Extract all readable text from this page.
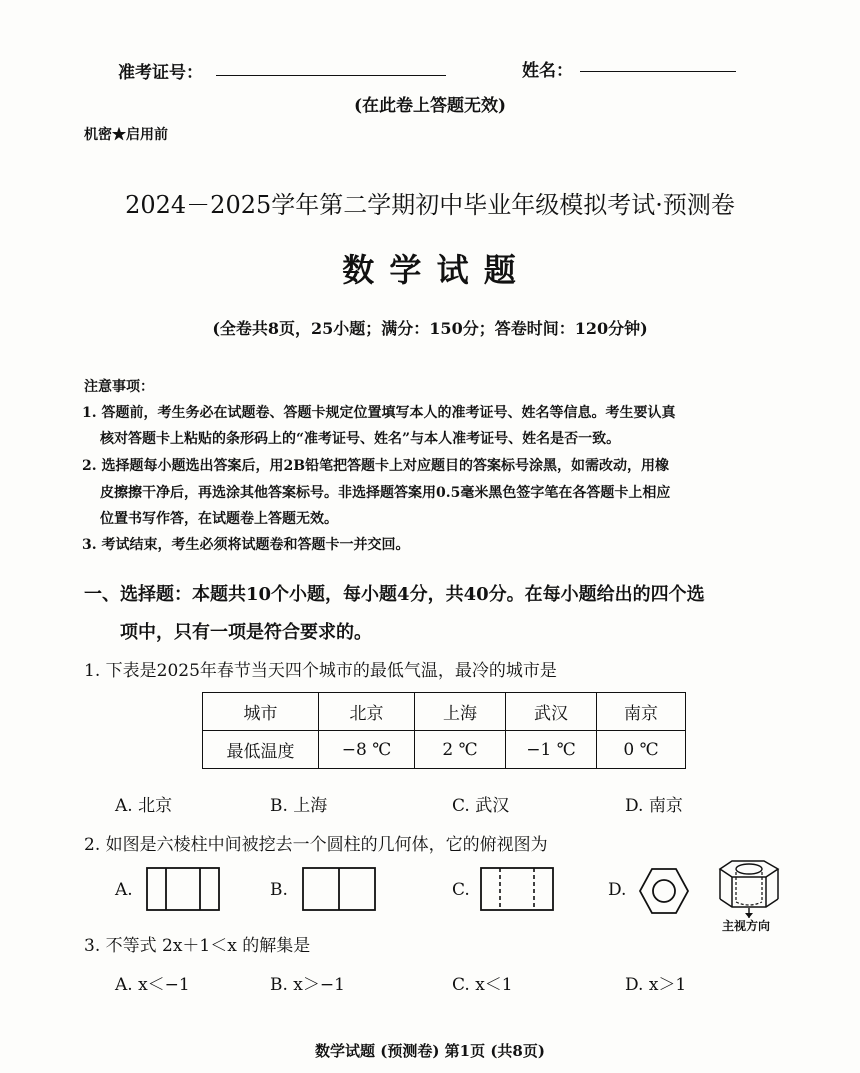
准考证号：	姓名：
(在此卷上答题无效)
机密★启用前
2024－2025学年第二学期初中毕业年级模拟考试·预测卷
数 学 试 题
(全卷共8页，25小题；满分：150分；答卷时间：120分钟)
注意事项：
1. 答题前，考生务必在试题卷、答题卡规定位置填写本人的准考证号、姓名等信息。考生要认真
核对答题卡上粘贴的条形码上的“准考证号、姓名”与本人准考证号、姓名是否一致。
2. 选择题每小题选出答案后，用2B铅笔把答题卡上对应题目的答案标号涂黑，如需改动，用橡
皮擦擦干净后，再选涂其他答案标号。非选择题答案用0.5毫米黑色签字笔在各答题卡上相应
位置书写作答，在试题卷上答题无效。
3. 考试结束，考生必须将试题卷和答题卡一并交回。
一、选择题：本题共10个小题，每小题4分，共40分。在每小题给出的四个选
项中，只有一项是符合要求的。
1. 下表是2025年春节当天四个城市的最低气温，最冷的城市是
城市	北京	上海	武汉	南京
最低温度	−8 ℃	2 ℃	−1 ℃	0 ℃
A. 北京	B. 上海	C. 武汉	D. 南京
2. 如图是六棱柱中间被挖去一个圆柱的几何体，它的俯视图为
A.	B.	C.	D.
主视方向
3. 不等式 2x＋1＜x 的解集是
A. x＜−1	B. x＞−1	C. x＜1	D. x＞1
数学试题 (预测卷) 第1页 (共8页)
